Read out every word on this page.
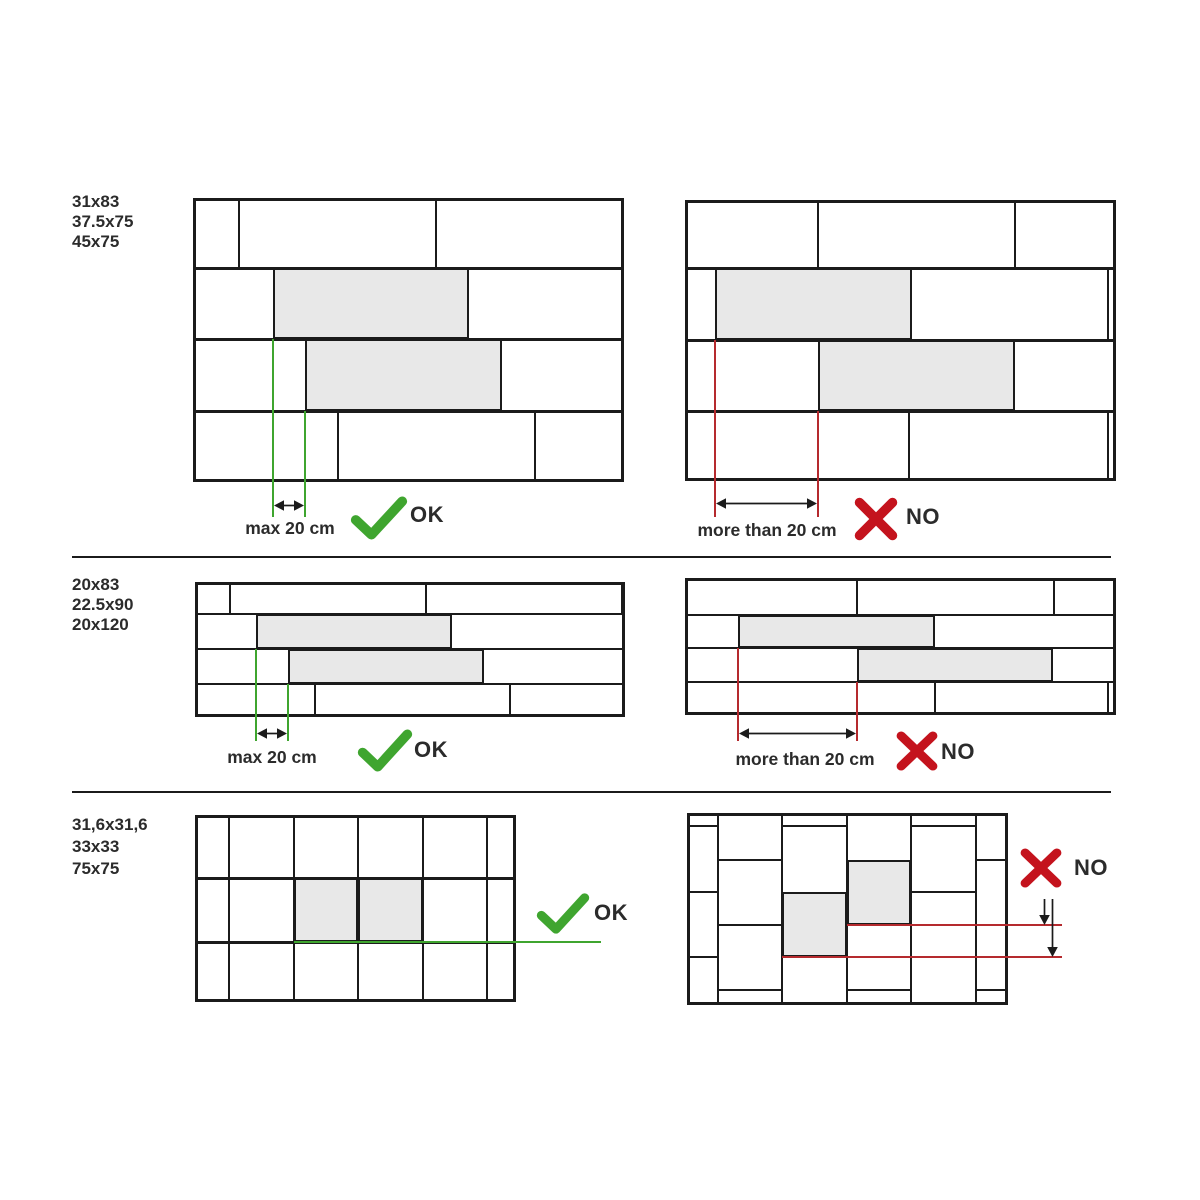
31x83
37.5x75
45x75
20x83
22.5x90
20x120
31,6x31,6
33x33
75x75
max 20 cm	more than 20 cm
max 20 cm	more than 20 cm
OK	NO
OK	NO
OK
NO
